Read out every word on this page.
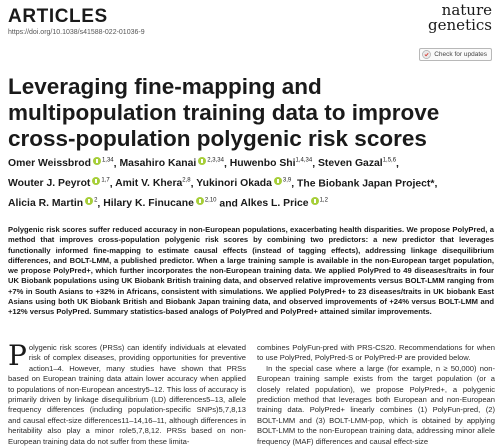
ARTICLES
https://doi.org/10.1038/s41588-022-01036-9
nature
genetics
Check for updates
Leveraging fine-mapping and multipopulation training data to improve cross-population polygenic risk scores
Omer Weissbrod $^{1,34}$, Masahiro Kanai $^{2,3,34}$, Huwenbo Shi$^{1,4,34}$, Steven Gazal$^{1,5,6}$, Wouter J. Peyrot $^{1,7}$, Amit V. Khera$^{2,8}$, Yukinori Okada $^{3,9}$, The Biobank Japan Project*, Alicia R. Martin $^2$, Hilary K. Finucane $^{2,10}$ and Alkes L. Price $^{1,2}$

Polygenic risk scores suffer reduced accuracy in non-European populations, exacerbating health disparities. We propose PolyPred, a method that improves cross-population polygenic risk scores by combining two predictors: a new predictor that leverages functionally informed fine-mapping to estimate causal effects (instead of tagging effects), addressing linkage disequilibrium differences, and BOLT-LMM, a published predictor. When a large training sample is available in the non-European target population, we propose PolyPred+, which further incorporates the non-European training data. We applied PolyPred to 49 diseases/traits in four UK Biobank populations using UK Biobank British training data, and observed relative improvements versus BOLT-LMM ranging from +7% in South Asians to +32% in Africans, consistent with simulations. We applied PolyPred+ to 23 diseases/traits in UK biobank East Asians using both UK Biobank British and Biobank Japan training data, and observed improvements of +24% versus BOLT-LMM and +12% versus PolyPred. Summary statistics-based analogs of PolyPred and PolyPred+ attained similar improvements.

Polygenic risk scores (PRSs) can identify individuals at elevated risk of complex diseases, providing opportunities for preventive action1–4. However, many studies have shown that PRSs based on European training data attain lower accuracy when applied to populations of non-European ancestry5–12. This loss of accuracy is primarily driven by linkage disequilibrium (LD) differences5–13, allele frequency differences (including population-specific SNPs)5,7,8,13 and causal effect-size differences11–14,16–11, although differences in heritability also play a minor role5,7,8,12. PRSs based on non-European training data do not suffer from these limita-

combines PolyFun-pred with PRS-CS20. Recommendations for when to use PolyPred, PolyPred-S or PolyPred-P are provided below.

In the special case where a large (for example, n ≥ 50,000) non-European training sample exists from the target population (or a closely related population), we propose PolyPred+, a polygenic prediction method that leverages both European and non-European training data. PolyPred+ linearly combines (1) PolyFun-pred, (2) BOLT-LMM and (3) BOLT-LMM-pop, which is obtained by applying BOLT-LMM to the non-European training data, addressing minor allele frequency (MAF) differences and causal effect-size
